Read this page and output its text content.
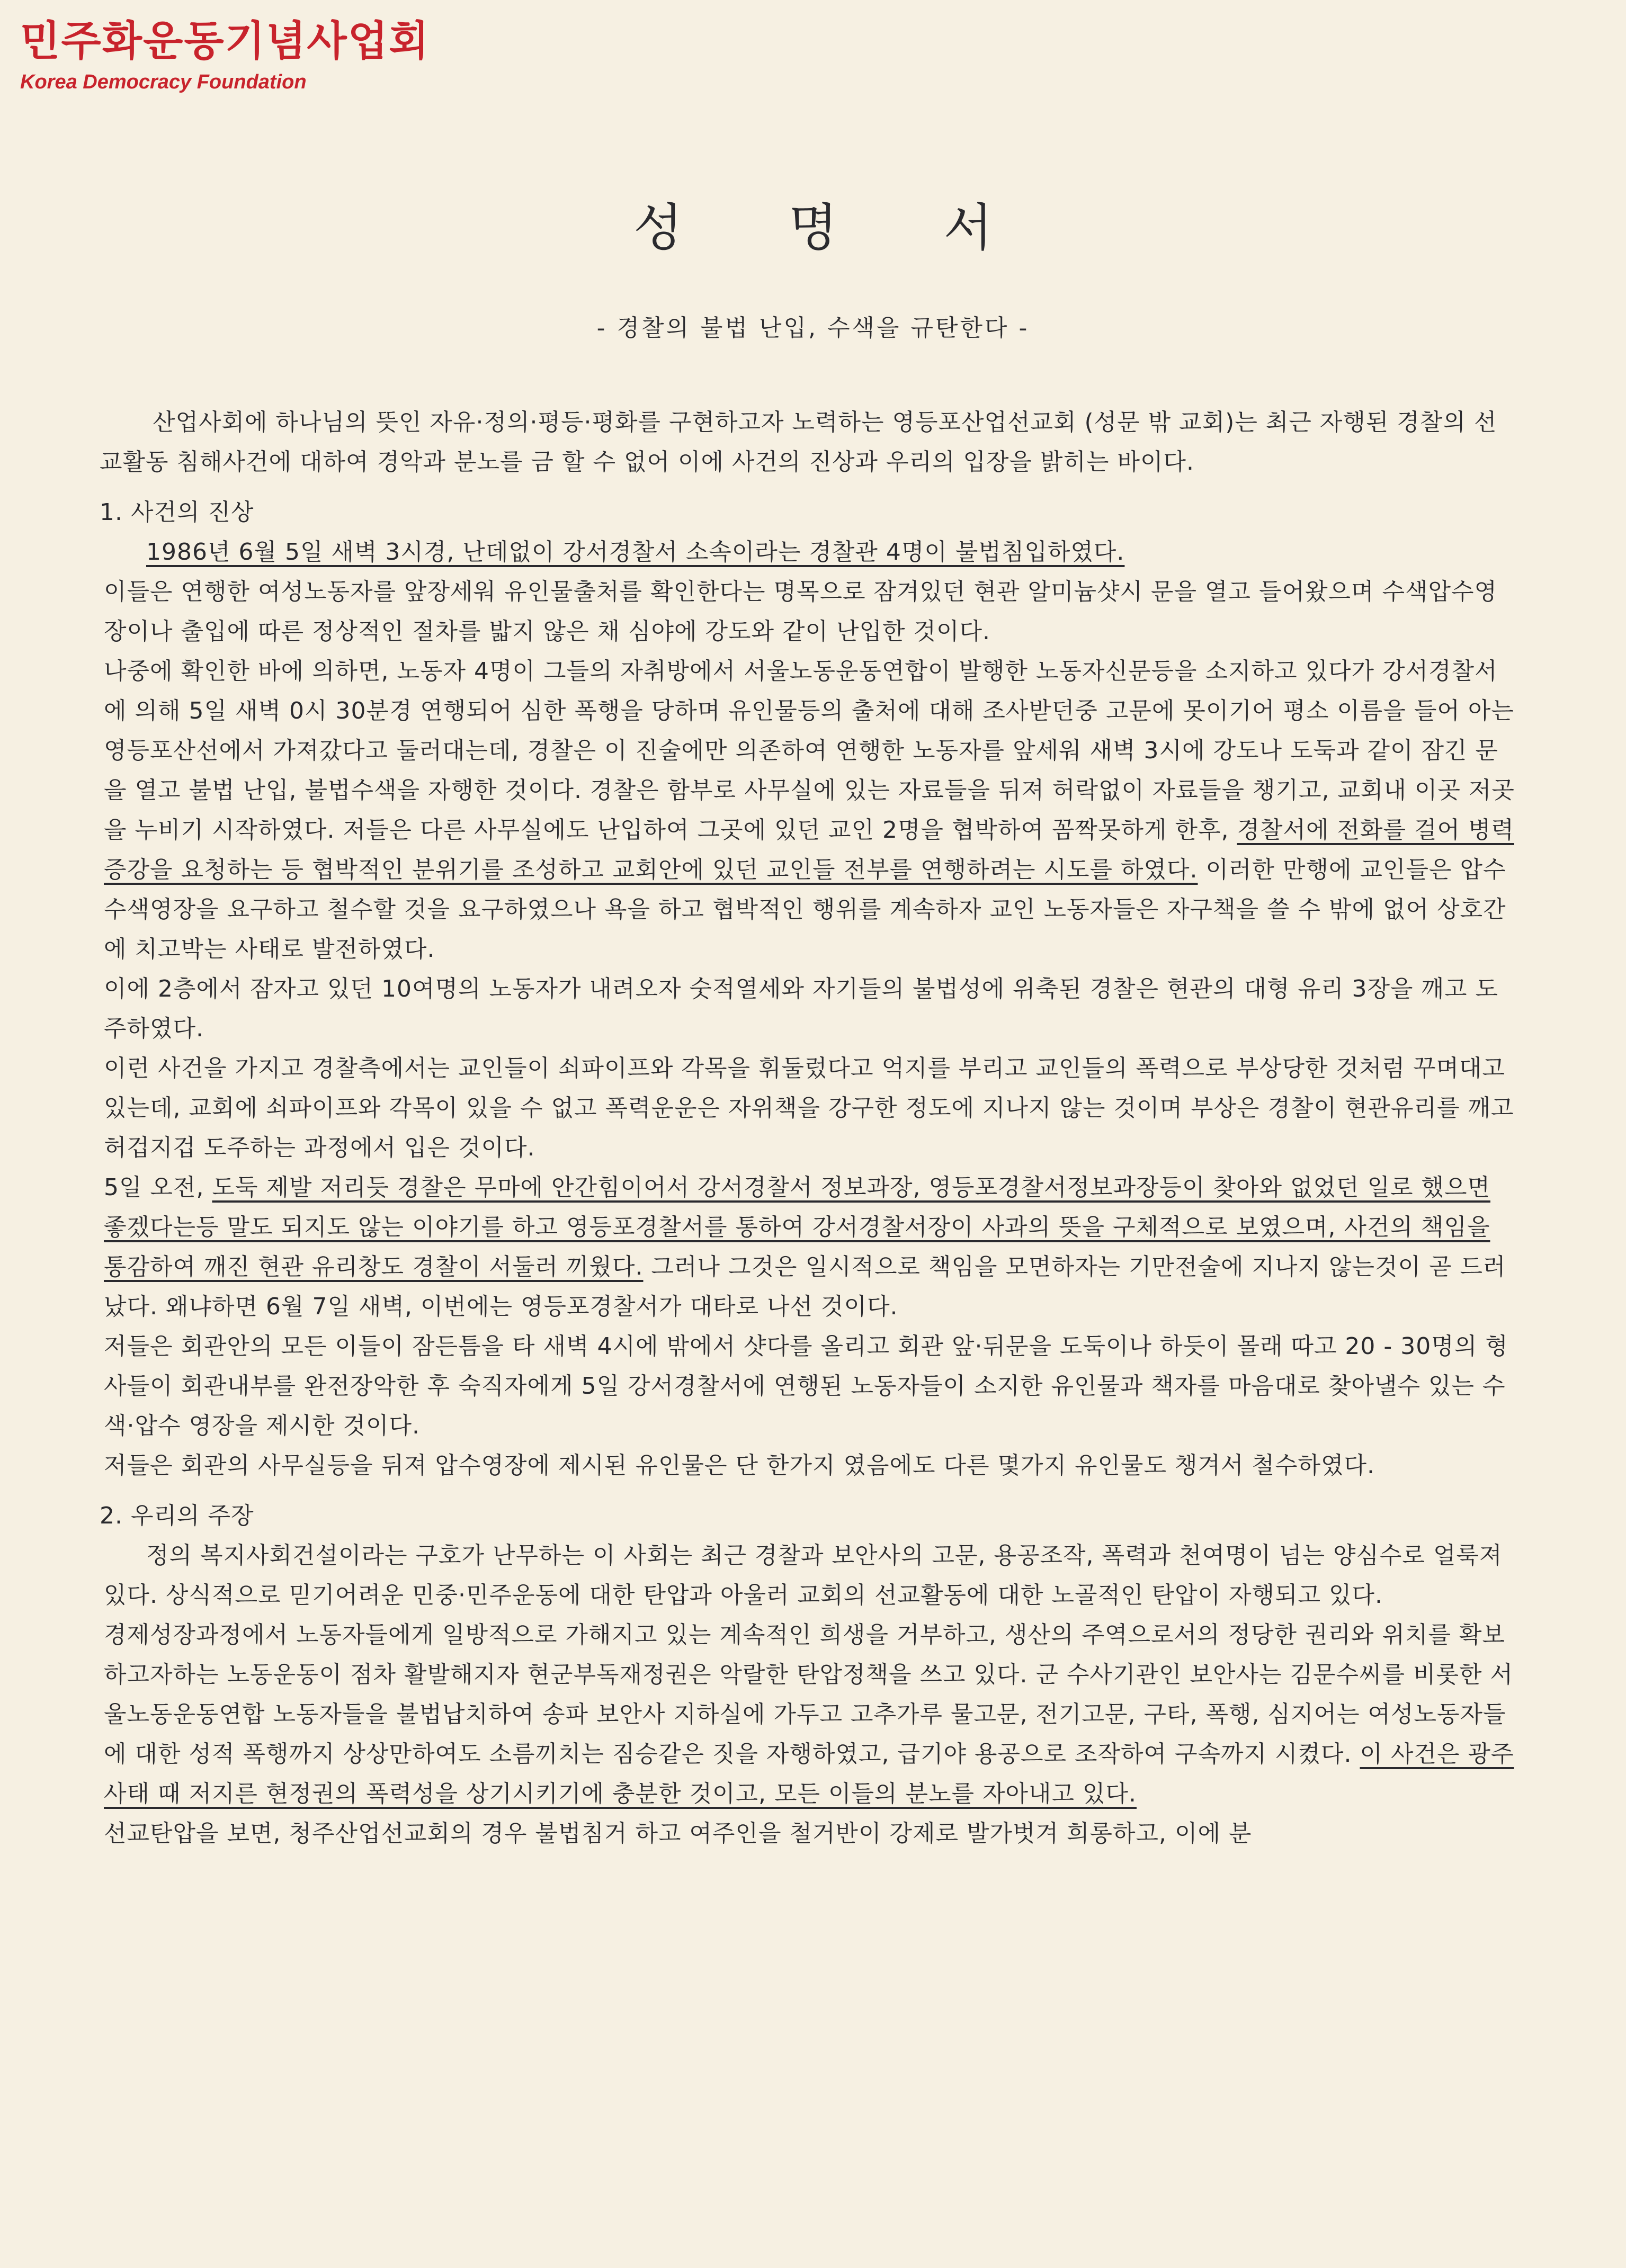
민주화운동기념사업회
Korea Democracy Foundation
성명서
- 경찰의 불법 난입, 수색을 규탄한다 -

산업사회에 하나님의 뜻인 자유·정의·평등·평화를 구현하고자 노력하는 영등포산업선교회 (성문 밖 교회)는 최근 자행된 경찰의 선교활동 침해사건에 대하여 경악과 분노를 금 할 수 없어 이에 사건의 진상과 우리의 입장을 밝히는 바이다.

1. 사건의 진상

1986년 6월 5일 새벽 3시경, 난데없이 강서경찰서 소속이라는 경찰관 4명이 불법침입하였다.

이들은 연행한 여성노동자를 앞장세워 유인물출처를 확인한다는 명목으로 잠겨있던 현관 알미늄샷시 문을 열고 들어왔으며 수색압수영장이나 출입에 따른 정상적인 절차를 밟지 않은 채 심야에 강도와 같이 난입한 것이다.

나중에 확인한 바에 의하면, 노동자 4명이 그들의 자취방에서 서울노동운동연합이 발행한 노동자신문등을 소지하고 있다가 강서경찰서에 의해 5일 새벽 0시 30분경 연행되어 심한 폭행을 당하며 유인물등의 출처에 대해 조사받던중 고문에 못이기어 평소 이름을 들어 아는 영등포산선에서 가져갔다고 둘러대는데, 경찰은 이 진술에만 의존하여 연행한 노동자를 앞세워 새벽 3시에 강도나 도둑과 같이 잠긴 문을 열고 불법 난입, 불법수색을 자행한 것이다. 경찰은 함부로 사무실에 있는 자료들을 뒤져 허락없이 자료들을 챙기고, 교회내 이곳 저곳을 누비기 시작하였다. 저들은 다른 사무실에도 난입하여 그곳에 있던 교인 2명을 협박하여 꼼짝못하게 한후, 경찰서에 전화를 걸어 병력증강을 요청하는 등 협박적인 분위기를 조성하고 교회안에 있던 교인들 전부를 연행하려는 시도를 하였다. 이러한 만행에 교인들은 압수 수색영장을 요구하고 철수할 것을 요구하였으나 욕을 하고 협박적인 행위를 계속하자 교인 노동자들은 자구책을 쓸 수 밖에 없어 상호간에 치고박는 사태로 발전하였다.

이에 2층에서 잠자고 있던 10여명의 노동자가 내려오자 숫적열세와 자기들의 불법성에 위축된 경찰은 현관의 대형 유리 3장을 깨고 도주하였다.

이런 사건을 가지고 경찰측에서는 교인들이 쇠파이프와 각목을 휘둘렀다고 억지를 부리고 교인들의 폭력으로 부상당한 것처럼 꾸며대고 있는데, 교회에 쇠파이프와 각목이 있을 수 없고 폭력운운은 자위책을 강구한 정도에 지나지 않는 것이며 부상은 경찰이 현관유리를 깨고 허겁지겁 도주하는 과정에서 입은 것이다.

5일 오전, 도둑 제발 저리듯 경찰은 무마에 안간힘이어서 강서경찰서 정보과장, 영등포경찰서정보과장등이 찾아와 없었던 일로 했으면 좋겠다는등 말도 되지도 않는 이야기를 하고 영등포경찰서를 통하여 강서경찰서장이 사과의 뜻을 구체적으로 보였으며, 사건의 책임을 통감하여 깨진 현관 유리창도 경찰이 서둘러 끼웠다. 그러나 그것은 일시적으로 책임을 모면하자는 기만전술에 지나지 않는것이 곧 드러났다. 왜냐하면 6월 7일 새벽, 이번에는 영등포경찰서가 대타로 나선 것이다.

저들은 회관안의 모든 이들이 잠든틈을 타 새벽 4시에 밖에서 샷다를 올리고 회관 앞·뒤문을 도둑이나 하듯이 몰래 따고 20 - 30명의 형사들이 회관내부를 완전장악한 후 숙직자에게 5일 강서경찰서에 연행된 노동자들이 소지한 유인물과 책자를 마음대로 찾아낼수 있는 수색·압수 영장을 제시한 것이다.

저들은 회관의 사무실등을 뒤져 압수영장에 제시된 유인물은 단 한가지 였음에도 다른 몇가지 유인물도 챙겨서 철수하였다.

2. 우리의 주장

정의 복지사회건설이라는 구호가 난무하는 이 사회는 최근 경찰과 보안사의 고문, 용공조작, 폭력과 천여명이 넘는 양심수로 얼룩져 있다. 상식적으로 믿기어려운 민중·민주운동에 대한 탄압과 아울러 교회의 선교활동에 대한 노골적인 탄압이 자행되고 있다.

경제성장과정에서 노동자들에게 일방적으로 가해지고 있는 계속적인 희생을 거부하고, 생산의 주역으로서의 정당한 권리와 위치를 확보하고자하는 노동운동이 점차 활발해지자 현군부독재정권은 악랄한 탄압정책을 쓰고 있다. 군 수사기관인 보안사는 김문수씨를 비롯한 서울노동운동연합 노동자들을 불법납치하여 송파 보안사 지하실에 가두고 고추가루 물고문, 전기고문, 구타, 폭행, 심지어는 여성노동자들에 대한 성적 폭행까지 상상만하여도 소름끼치는 짐승같은 짓을 자행하였고, 급기야 용공으로 조작하여 구속까지 시켰다. 이 사건은 광주사태 때 저지른 현정권의 폭력성을 상기시키기에 충분한 것이고, 모든 이들의 분노를 자아내고 있다.

선교탄압을 보면, 청주산업선교회의 경우 불법침거 하고 여주인을 철거반이 강제로 발가벗겨 희롱하고, 이에 분
